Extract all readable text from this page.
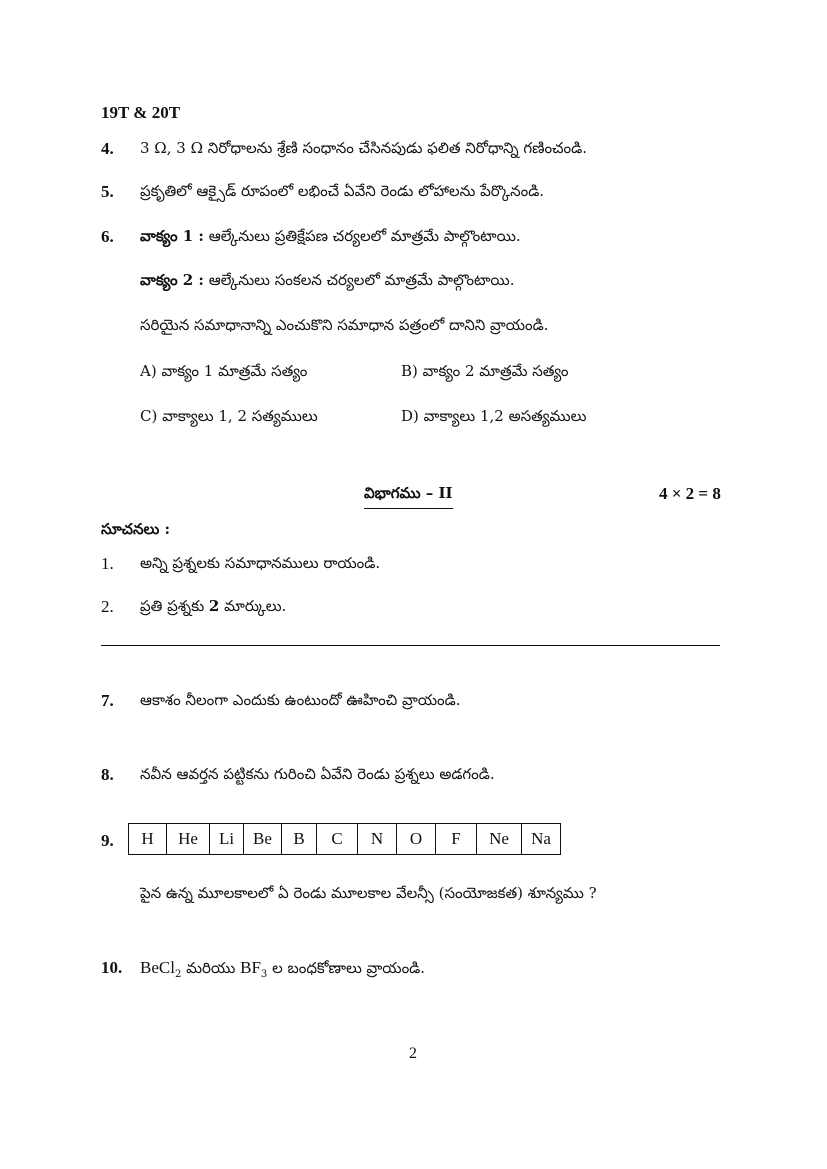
19T & 20T
4. 3 Ω, 3 Ω నిరోధాలను శ్రేణి సంధానం చేసినపుడు ఫలిత నిరోధాన్ని గణించండి.
5. ప్రకృతిలో ఆక్సైడ్ రూపంలో లభించే ఏవేని రెండు లోహాలను పేర్కొనండి.
6. వాక్యం 1 : ఆల్కేనులు ప్రతిక్షేపణ చర్యలలో మాత్రమే పాల్గొంటాయి.
వాక్యం 2 : ఆల్కేనులు సంకలన చర్యలలో మాత్రమే పాల్గొంటాయి.
సరియైన సమాధానాన్ని ఎంచుకొని సమాధాన పత్రంలో దానిని వ్రాయండి.
A) వాక్యం 1 మాత్రమే సత్యం	B) వాక్యం 2 మాత్రమే సత్యం
C) వాక్యాలు 1, 2 సత్యములు	D) వాక్యాలు 1,2 అసత్యములు
విభాగము – II	4 × 2 = 8
సూచనలు :
1. అన్ని ప్రశ్నలకు సమాధానములు రాయండి.
2. ప్రతి ప్రశ్నకు 2 మార్కులు.
7. ఆకాశం నీలంగా ఎందుకు ఉంటుందో ఊహించి వ్రాయండి.
8. నవీన ఆవర్తన పట్టికను గురించి ఏవేని రెండు ప్రశ్నలు అడగండి.
9. H	He	Li	Be	B	C	N	O	F	Ne	Na
పైన ఉన్న మూలకాలలో ఏ రెండు మూలకాల వేలన్సీ (సంయోజకత) శూన్యము ?
10. BeCl$_2$ మరియు $BF_3$ ల బంధకోణాలు వ్రాయండి.
2
